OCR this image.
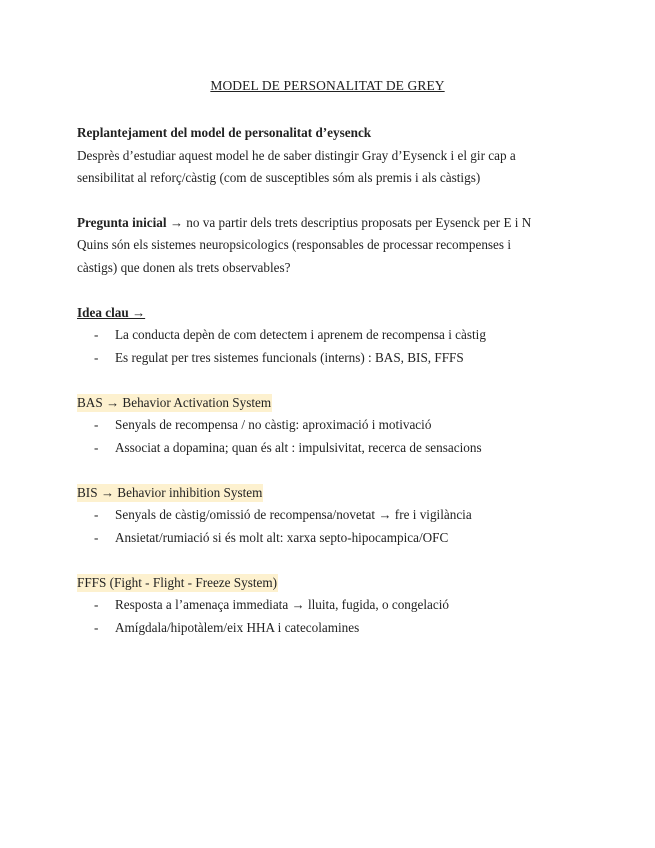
MODEL DE PERSONALITAT DE GREY
Replantejament del model de personalitat d’eysenck
Desprès d’estudiar aquest model he de saber distingir Gray d’Eysenck i el gir cap a
sensibilitat al reforç/càstig (com de susceptibles sóm als premis i als càstigs)
Pregunta inicial → no va partir dels trets descriptius proposats per Eysenck per E i N
Quins són els sistemes neuropsicologics (responsables de processar recompenses i
càstigs) que donen als trets observables?
Idea clau →
- La conducta depèn de com detectem i aprenem de recompensa i càstig
- Es regulat per tres sistemes funcionals (interns) : BAS, BIS, FFFS
BAS → Behavior Activation System
- Senyals de recompensa / no càstig: aproximació i motivació
- Associat a dopamina; quan és alt : impulsivitat, recerca de sensacions
BIS → Behavior inhibition System
- Senyals de càstig/omissió de recompensa/novetat → fre i vigilància
- Ansietat/rumiació si és molt alt: xarxa septo-hipocampica/OFC
FFFS (Fight - Flight - Freeze System)
- Resposta a l’amenaça immediata → lluita, fugida, o congelació
- Amígdala/hipotàlem/eix HHA i catecolamines
